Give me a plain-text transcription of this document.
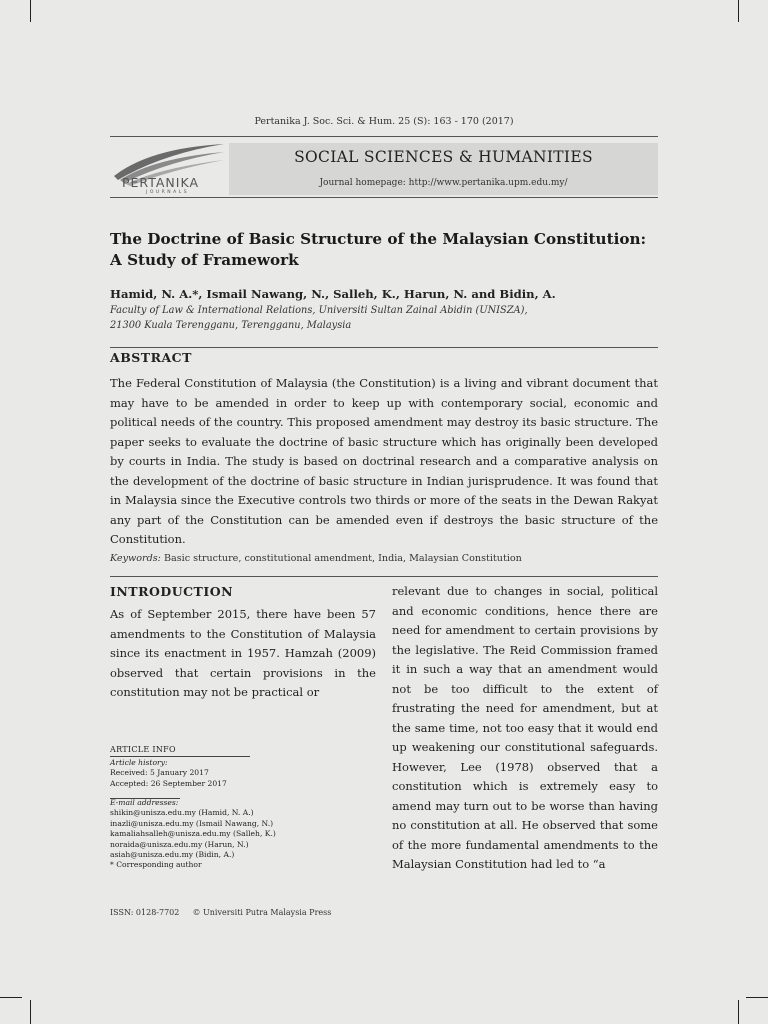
Pertanika J. Soc. Sci. & Hum. 25 (S): 163 - 170 (2017)
PERTANIKA
JOURNALS
SOCIAL SCIENCES & HUMANITIES
Journal homepage: http://www.pertanika.upm.edu.my/
The Doctrine of Basic Structure of the Malaysian Constitution:
A Study of Framework
Hamid, N. A.*, Ismail Nawang, N., Salleh, K., Harun, N. and Bidin, A.
Faculty of Law & International Relations, Universiti Sultan Zainal Abidin (UNISZA),
21300 Kuala Terengganu, Terengganu, Malaysia
ABSTRACT
The Federal Constitution of Malaysia (the Constitution) is a living and vibrant document that may have to be amended in order to keep up with contemporary social, economic and political needs of the country. This proposed amendment may destroy its basic structure. The paper seeks to evaluate the doctrine of basic structure which has originally been developed by courts in India. The study is based on doctrinal research and a comparative analysis on the development of the doctrine of basic structure in Indian jurisprudence. It was found that in Malaysia since the Executive controls two thirds or more of the seats in the Dewan Rakyat any part of the Constitution can be amended even if destroys the basic structure of the Constitution.
Keywords: Basic structure, constitutional amendment, India, Malaysian Constitution
INTRODUCTION
As of September 2015, there have been 57 amendments to the Constitution of Malaysia since its enactment in 1957. Hamzah (2009) observed that certain provisions in the constitution may not be practical or
relevant due to changes in social, political and economic conditions, hence there are need for amendment to certain provisions by the legislative. The Reid Commission framed it in such a way that an amendment would not be too difficult to the extent of frustrating the need for amendment, but at the same time, not too easy that it would end up weakening our constitutional safeguards. However, Lee (1978) observed that a constitution which is extremely easy to amend may turn out to be worse than having no constitution at all. He observed that some of the more fundamental amendments to the Malaysian Constitution had led to “a
ARTICLE INFO
Article history:
Received: 5 January 2017
Accepted: 26 September 2017
E-mail addresses:
shikin@unisza.edu.my (Hamid, N. A.)
inazli@unisza.edu.my (Ismail Nawang, N.)
kamaliahsalleh@unisza.edu.my (Salleh, K.)
noraida@unisza.edu.my (Harun, N.)
asiah@unisza.edu.my (Bidin, A.)
* Corresponding author
ISSN: 0128-7702 © Universiti Putra Malaysia Press
